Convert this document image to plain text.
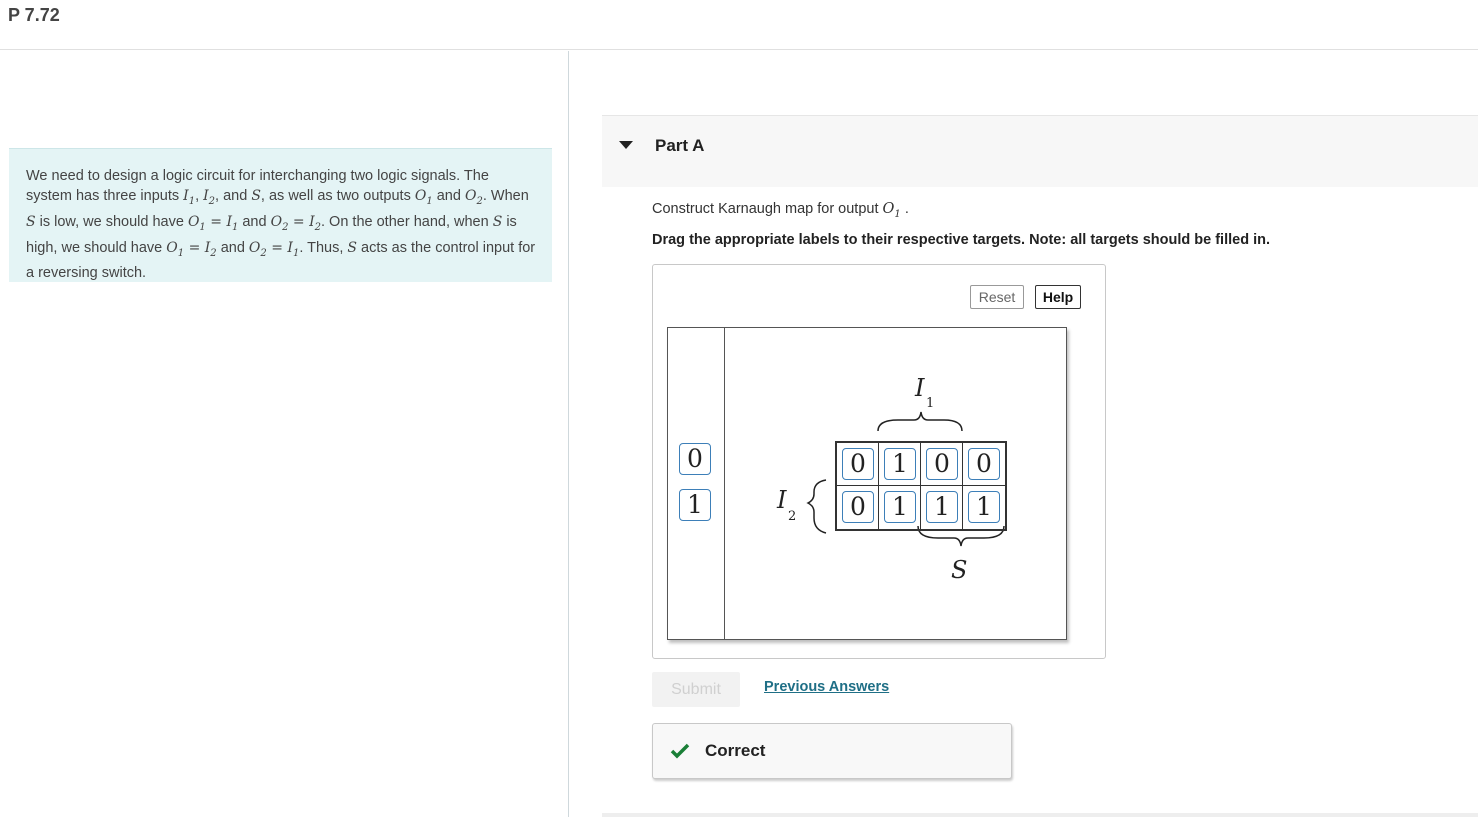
P 7.72
We need to design a logic circuit for interchanging two logic signals. The system has three inputs $I_1$, $I_2$, and S, as well as two outputs $O_1$ and $O_2$. When S is low, we should have $O_1 = I_1$ and $O_2 = I_2$. On the other hand, when S is high, we should have $O_1 = I_2$ and $O_2 = I_1$. Thus, S acts as the control input for a reversing switch.
Part A
Construct Karnaugh map for output $O_1$ .
Drag the appropriate labels to their respective targets. Note: all targets should be filled in.
Reset	Help
0
1
I
1
I
2
S
0	1	0	0
0	1	1	1
Submit	Previous Answers
Correct
